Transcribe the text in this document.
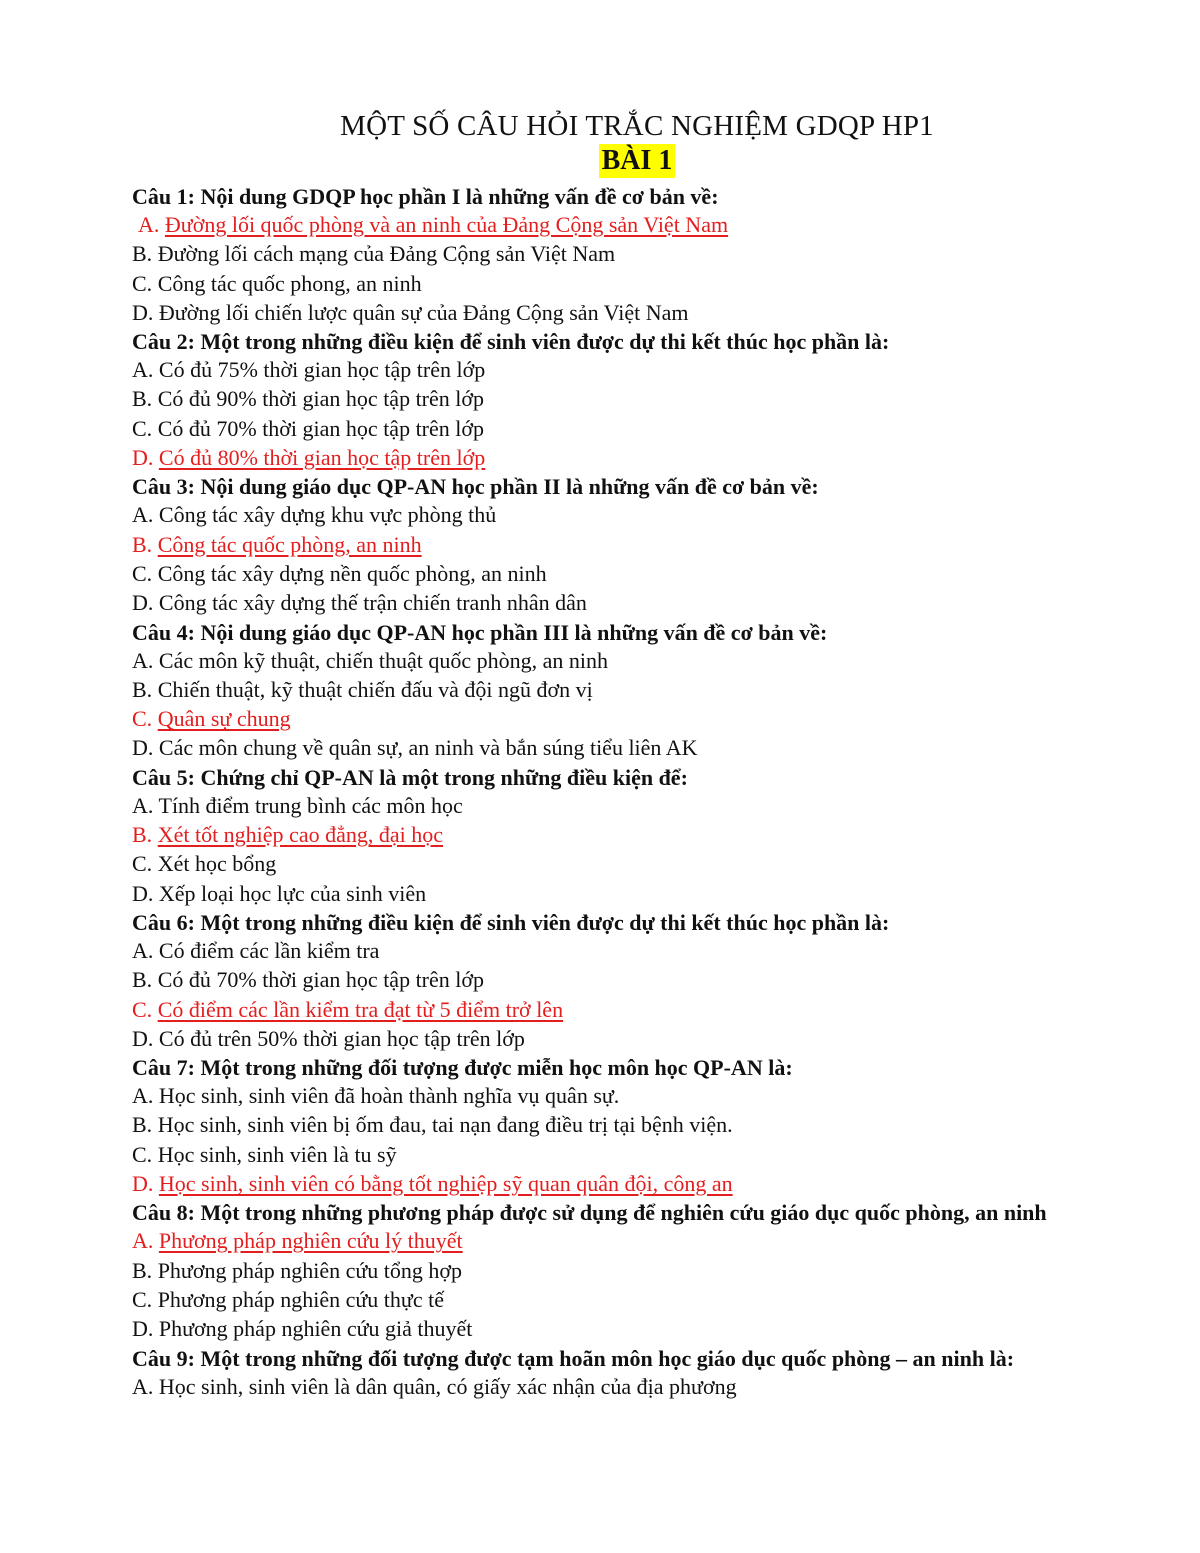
MỘT SỐ CÂU HỎI TRẮC NGHIỆM GDQP HP1
BÀI 1

Câu 1: Nội dung GDQP học phần I là những vấn đề cơ bản về:

A. Đường lối quốc phòng và an ninh của Đảng Cộng sản Việt Nam

B. Đường lối cách mạng của Đảng Cộng sản Việt Nam

C. Công tác quốc phong, an ninh

D. Đường lối chiến lược quân sự của Đảng Cộng sản Việt Nam

Câu 2: Một trong những điều kiện để sinh viên được dự thi kết thúc học phần là:

A. Có đủ 75% thời gian học tập trên lớp

B. Có đủ 90% thời gian học tập trên lớp

C. Có đủ 70% thời gian học tập trên lớp

D. Có đủ 80% thời gian học tập trên lớp

Câu 3: Nội dung giáo dục QP-AN học phần II là những vấn đề cơ bản về:

A. Công tác xây dựng khu vực phòng thủ

B. Công tác quốc phòng, an ninh

C. Công tác xây dựng nền quốc phòng, an ninh

D. Công tác xây dựng thế trận chiến tranh nhân dân

Câu 4: Nội dung giáo dục QP-AN học phần III là những vấn đề cơ bản về:

A. Các môn kỹ thuật, chiến thuật quốc phòng, an ninh

B. Chiến thuật, kỹ thuật chiến đấu và đội ngũ đơn vị

C. Quân sự chung

D. Các môn chung về quân sự, an ninh và bắn súng tiểu liên AK

Câu 5: Chứng chỉ QP-AN là một trong những điều kiện để:

A. Tính điểm trung bình các môn học

B. Xét tốt nghiệp cao đẳng, đại học

C. Xét học bổng

D. Xếp loại học lực của sinh viên

Câu 6: Một trong những điều kiện để sinh viên được dự thi kết thúc học phần là:

A. Có điểm các lần kiểm tra

B. Có đủ 70% thời gian học tập trên lớp

C. Có điểm các lần kiểm tra đạt từ 5 điểm trở lên

D. Có đủ trên 50% thời gian học tập trên lớp

Câu 7: Một trong những đối tượng được miễn học môn học QP-AN là:

A. Học sinh, sinh viên đã hoàn thành nghĩa vụ quân sự.

B. Học sinh, sinh viên bị ốm đau, tai nạn đang điều trị tại bệnh viện.

C. Học sinh, sinh viên là tu sỹ

D. Học sinh, sinh viên có bằng tốt nghiệp sỹ quan quân đội, công an

Câu 8: Một trong những phương pháp được sử dụng để nghiên cứu giáo dục quốc phòng, an ninh

A. Phương pháp nghiên cứu lý thuyết

B. Phương pháp nghiên cứu tổng hợp

C. Phương pháp nghiên cứu thực tế

D. Phương pháp nghiên cứu giả thuyết

Câu 9: Một trong những đối tượng được tạm hoãn môn học giáo dục quốc phòng – an ninh là:

A. Học sinh, sinh viên là dân quân, có giấy xác nhận của địa phương
